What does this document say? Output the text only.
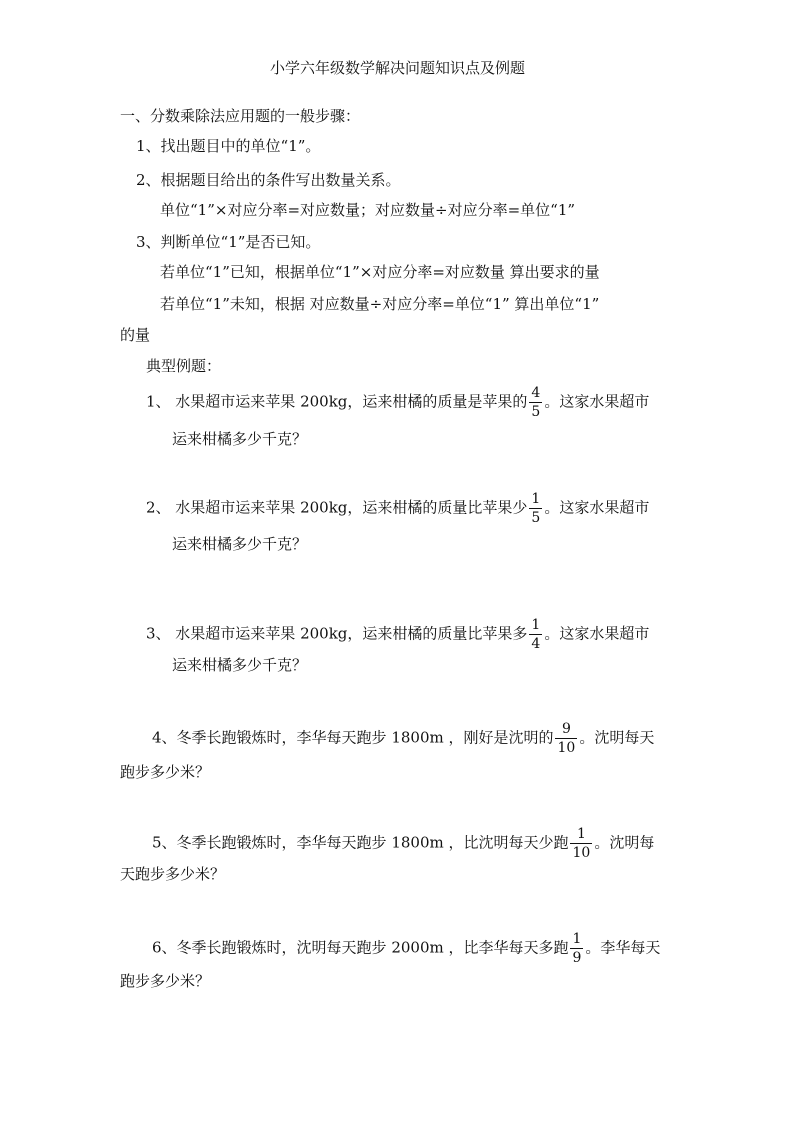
小学六年级数学解决问题知识点及例题
一、分数乘除法应用题的一般步骤：
1、找出题目中的单位“1”。
2、根据题目给出的条件写出数量关系。
单位“1”×对应分率=对应数量；对应数量÷对应分率=单位“1”
3、判断单位“1”是否已知。
若单位“1”已知，根据单位“1”×对应分率=对应数量 算出要求的量
若单位“1”未知，根据 对应数量÷对应分率=单位“1” 算出单位“1”
的量
典型例题：
1、 水果超市运来苹果 200kg，运来柑橘的质量是苹果的 $\frac{4}{5}$ 。这家水果超市
运来柑橘多少千克？
2、 水果超市运来苹果 200kg，运来柑橘的质量比苹果少 $\frac{1}{5}$ 。这家水果超市
运来柑橘多少千克？
3、 水果超市运来苹果 200kg，运来柑橘的质量比苹果多 $\frac{1}{4}$ 。这家水果超市
运来柑橘多少千克？
4、冬季长跑锻炼时，李华每天跑步 1800m ，刚好是沈明的 $\frac{9}{10}$ 。沈明每天
跑步多少米？
5、冬季长跑锻炼时，李华每天跑步 1800m ，比沈明每天少跑 $\frac{1}{10}$ 。沈明每
天跑步多少米？
6、冬季长跑锻炼时，沈明每天跑步 2000m ，比李华每天多跑 $\frac{1}{9}$ 。李华每天
跑步多少米？
